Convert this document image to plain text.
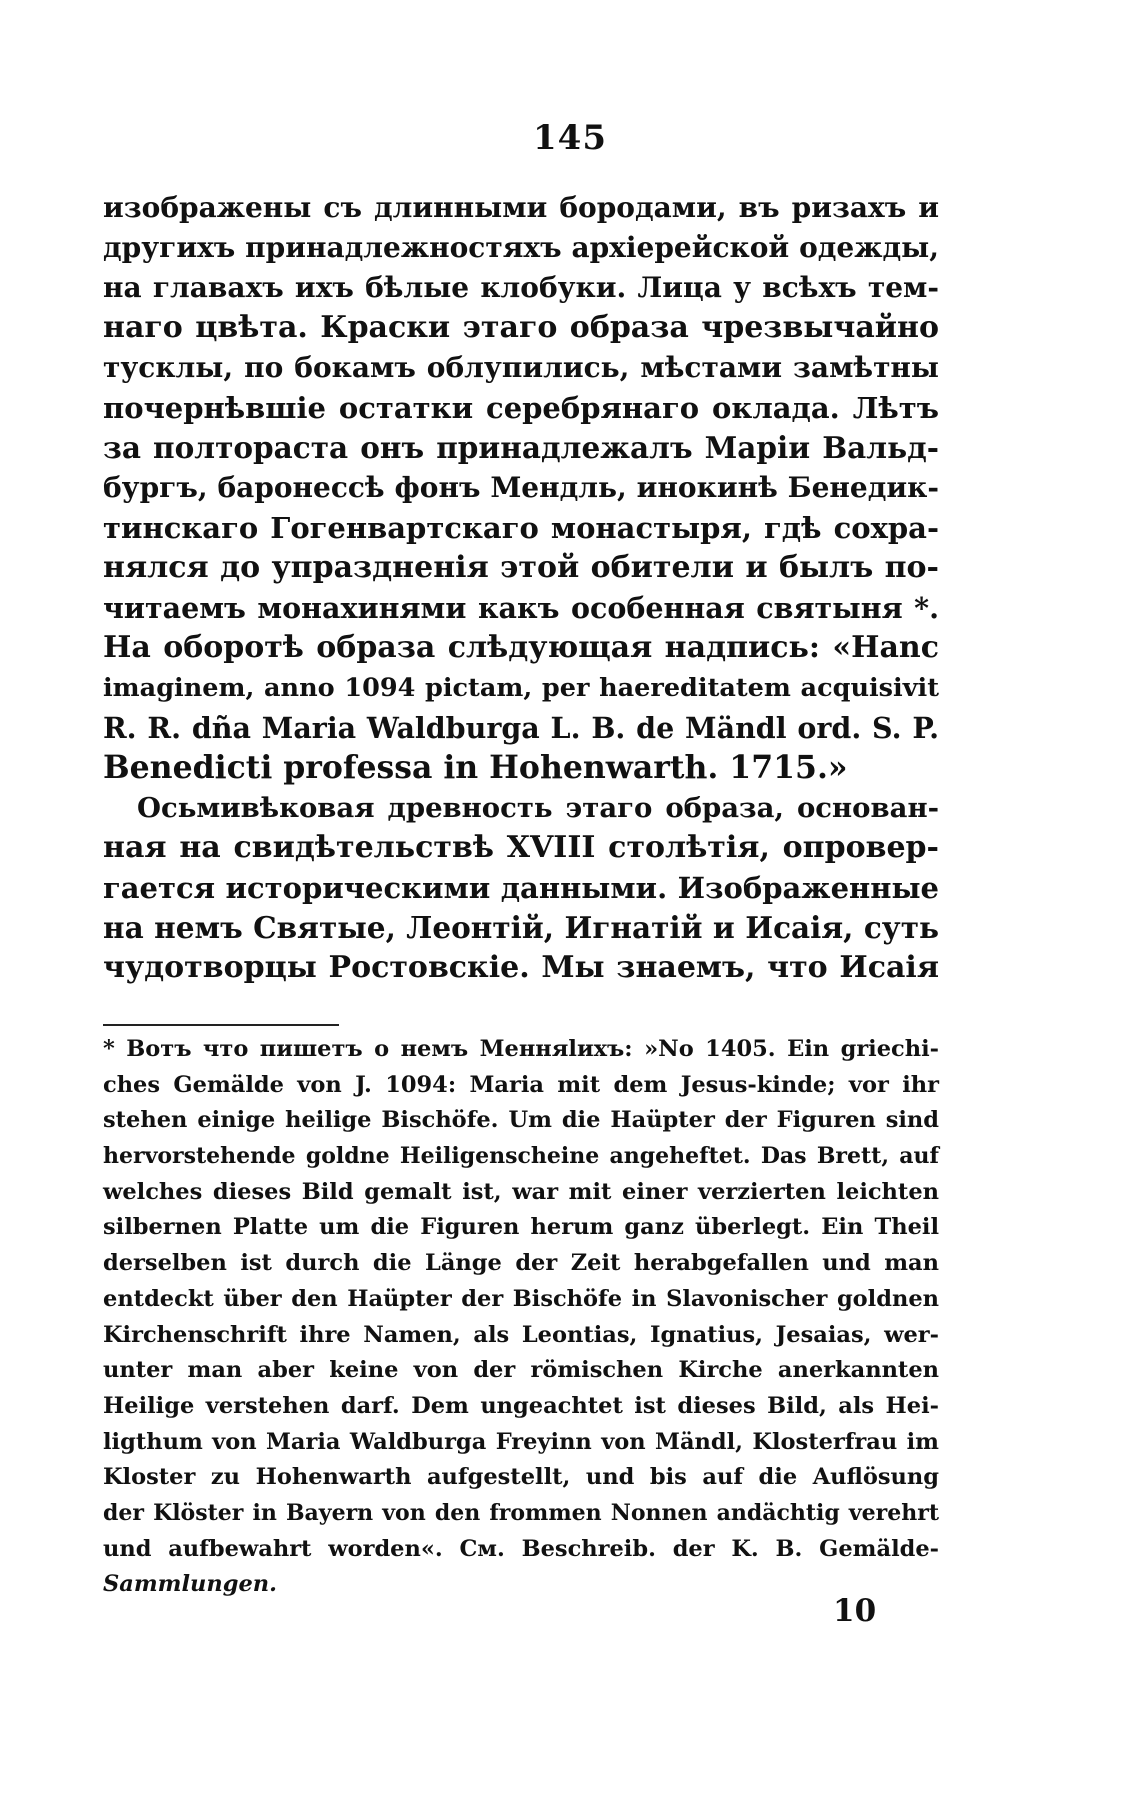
145
изображены съ длинными бородами, въ ризахъ и
другихъ принадлежностяхъ архіерейской одежды,
на главахъ ихъ бѣлые клобуки. Лица у всѣхъ тем-
наго цвѣта. Краски этаго образа чрезвычайно
тусклы, по бокамъ облупились, мѣстами замѣтны
почернѣвшіе остатки серебрянаго оклада. Лѣтъ
за полтораста онъ принадлежалъ Маріи Вальд-
бургъ, баронессѣ фонъ Мендль, инокинѣ Бенедик-
тинскаго Гогенвартскаго монастыря, гдѣ сохра-
нялся до упраздненія этой обители и былъ по-
читаемъ монахинями какъ особенная святыня *.
На оборотѣ образа слѣдующая надпись: «Hanc
imaginem, anno 1094 pictam, per haereditatem acquisivit
R. R. dña Maria Waldburga L. B. de Mändl ord. S. P.
Benedicti professa in Hohenwarth. 1715.»
Осьмивѣковая древность этаго образа, основан-
ная на свидѣтельствѣ XVIII столѣтія, опровер-
гается историческими данными. Изображенные
на немъ Святые, Леонтій, Игнатій и Исаія, суть
чудотворцы Ростовскіе. Мы знаемъ, что Исаія
* Вотъ что пишетъ о немъ Менняlихъ: »No 1405. Ein griechi-
ches Gemälde von J. 1094: Maria mit dem Jesus-kinde; vor ihr
stehen einige heilige Bischöfe. Um die Haüpter der Figuren sind
hervorstehende goldne Heiligenscheine angeheftet. Das Brett, auf
welches dieses Bild gemalt ist, war mit einer verzierten leichten
silbernen Platte um die Figuren herum ganz überlegt. Ein Theil
derselben ist durch die Länge der Zeit herabgefallen und man
entdeckt über den Haüpter der Bischöfe in Slavonischer goldnen
Kirchenschrift ihre Namen, als Leontias, Ignatius, Jesaias, wer-
unter man aber keine von der römischen Kirche anerkannten
Heilige verstehen darf. Dem ungeachtet ist dieses Bild, als Hei-
ligthum von Maria Waldburga Freyinn von Mändl, Klosterfrau im
Kloster zu Hohenwarth aufgestellt, und bis auf die Auflösung
der Klöster in Bayern von den frommen Nonnen andächtig verehrt
und aufbewahrt worden«. См. Beschreib. der K. B. Gemälde-
Sammlungen.
10
